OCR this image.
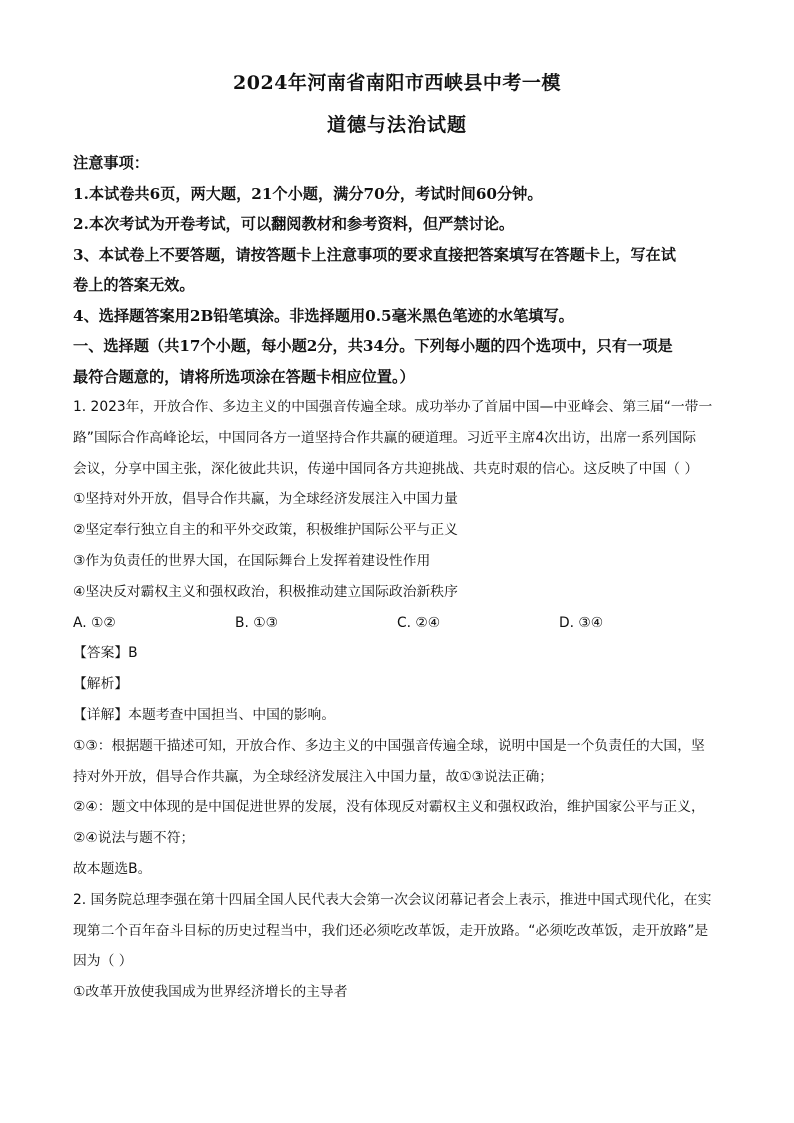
2024年河南省南阳市西峡县中考一模
道德与法治试题
注意事项：
1.本试卷共6页，两大题，21个小题，满分70分，考试时间60分钟。
2.本次考试为开卷考试，可以翻阅教材和参考资料，但严禁讨论。
3、本试卷上不要答题，请按答题卡上注意事项的要求直接把答案填写在答题卡上，写在试
卷上的答案无效。
4、选择题答案用2B铅笔填涂。非选择题用0.5毫米黑色笔迹的水笔填写。
一、选择题（共17个小题，每小题2分，共34分。下列每小题的四个选项中，只有一项是
最符合题意的，请将所选项涂在答题卡相应位置。）
1. 2023年，开放合作、多边主义的中国强音传遍全球。成功举办了首届中国—中亚峰会、第三届“一带一
路”国际合作高峰论坛，中国同各方一道坚持合作共赢的硬道理。习近平主席4次出访，出席一系列国际
会议，分享中国主张，深化彼此共识，传递中国同各方共迎挑战、共克时艰的信心。这反映了中国（ ）
①坚持对外开放，倡导合作共赢，为全球经济发展注入中国力量
②坚定奉行独立自主的和平外交政策，积极维护国际公平与正义
③作为负责任的世界大国，在国际舞台上发挥着建设性作用
④坚决反对霸权主义和强权政治，积极推动建立国际政治新秩序
A. ①②	B. ①③	C. ②④	D. ③④
【答案】B
【解析】
【详解】本题考查中国担当、中国的影响。
①③：根据题干描述可知，开放合作、多边主义的中国强音传遍全球，说明中国是一个负责任的大国，坚
持对外开放，倡导合作共赢，为全球经济发展注入中国力量，故①③说法正确；
②④：题文中体现的是中国促进世界的发展，没有体现反对霸权主义和强权政治，维护国家公平与正义，
②④说法与题不符；
故本题选B。
2. 国务院总理李强在第十四届全国人民代表大会第一次会议闭幕记者会上表示，推进中国式现代化，在实
现第二个百年奋斗目标的历史过程当中，我们还必须吃改革饭，走开放路。“必须吃改革饭，走开放路”是
因为（ ）
①改革开放使我国成为世界经济增长的主导者
